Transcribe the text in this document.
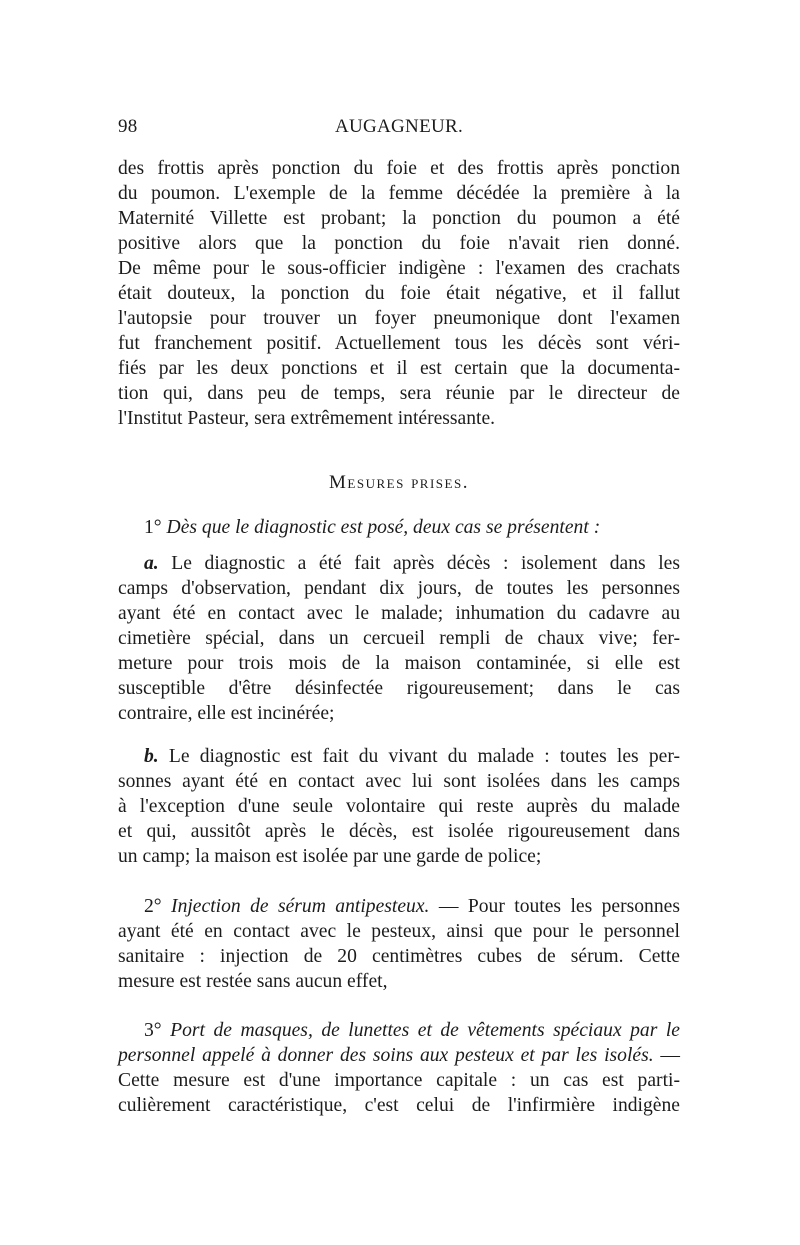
98	AUGAGNEUR.

des frottis après ponction du foie et des frottis après ponction

du poumon. L'exemple de la femme décédée la première à la

Maternité Villette est probant; la ponction du poumon a été

positive alors que la ponction du foie n'avait rien donné.

De même pour le sous-officier indigène : l'examen des crachats

était douteux, la ponction du foie était négative, et il fallut

l'autopsie pour trouver un foyer pneumonique dont l'examen

fut franchement positif. Actuellement tous les décès sont véri-

fiés par les deux ponctions et il est certain que la documenta-

tion qui, dans peu de temps, sera réunie par le directeur de

l'Institut Pasteur, sera extrêmement intéressante.

Mesures prises.

1° Dès que le diagnostic est posé, deux cas se présentent :

a. Le diagnostic a été fait après décès : isolement dans les

camps d'observation, pendant dix jours, de toutes les personnes

ayant été en contact avec le malade; inhumation du cadavre au

cimetière spécial, dans un cercueil rempli de chaux vive; fer-

meture pour trois mois de la maison contaminée, si elle est

susceptible d'être désinfectée rigoureusement; dans le cas

contraire, elle est incinérée;

b. Le diagnostic est fait du vivant du malade : toutes les per-

sonnes ayant été en contact avec lui sont isolées dans les camps

à l'exception d'une seule volontaire qui reste auprès du malade

et qui, aussitôt après le décès, est isolée rigoureusement dans

un camp; la maison est isolée par une garde de police;

2° Injection de sérum antipesteux. — Pour toutes les personnes

ayant été en contact avec le pesteux, ainsi que pour le personnel

sanitaire : injection de 20 centimètres cubes de sérum. Cette

mesure est restée sans aucun effet,

3° Port de masques, de lunettes et de vêtements spéciaux par le

personnel appelé à donner des soins aux pesteux et par les isolés. —

Cette mesure est d'une importance capitale : un cas est parti-

culièrement caractéristique, c'est celui de l'infirmière indigène
